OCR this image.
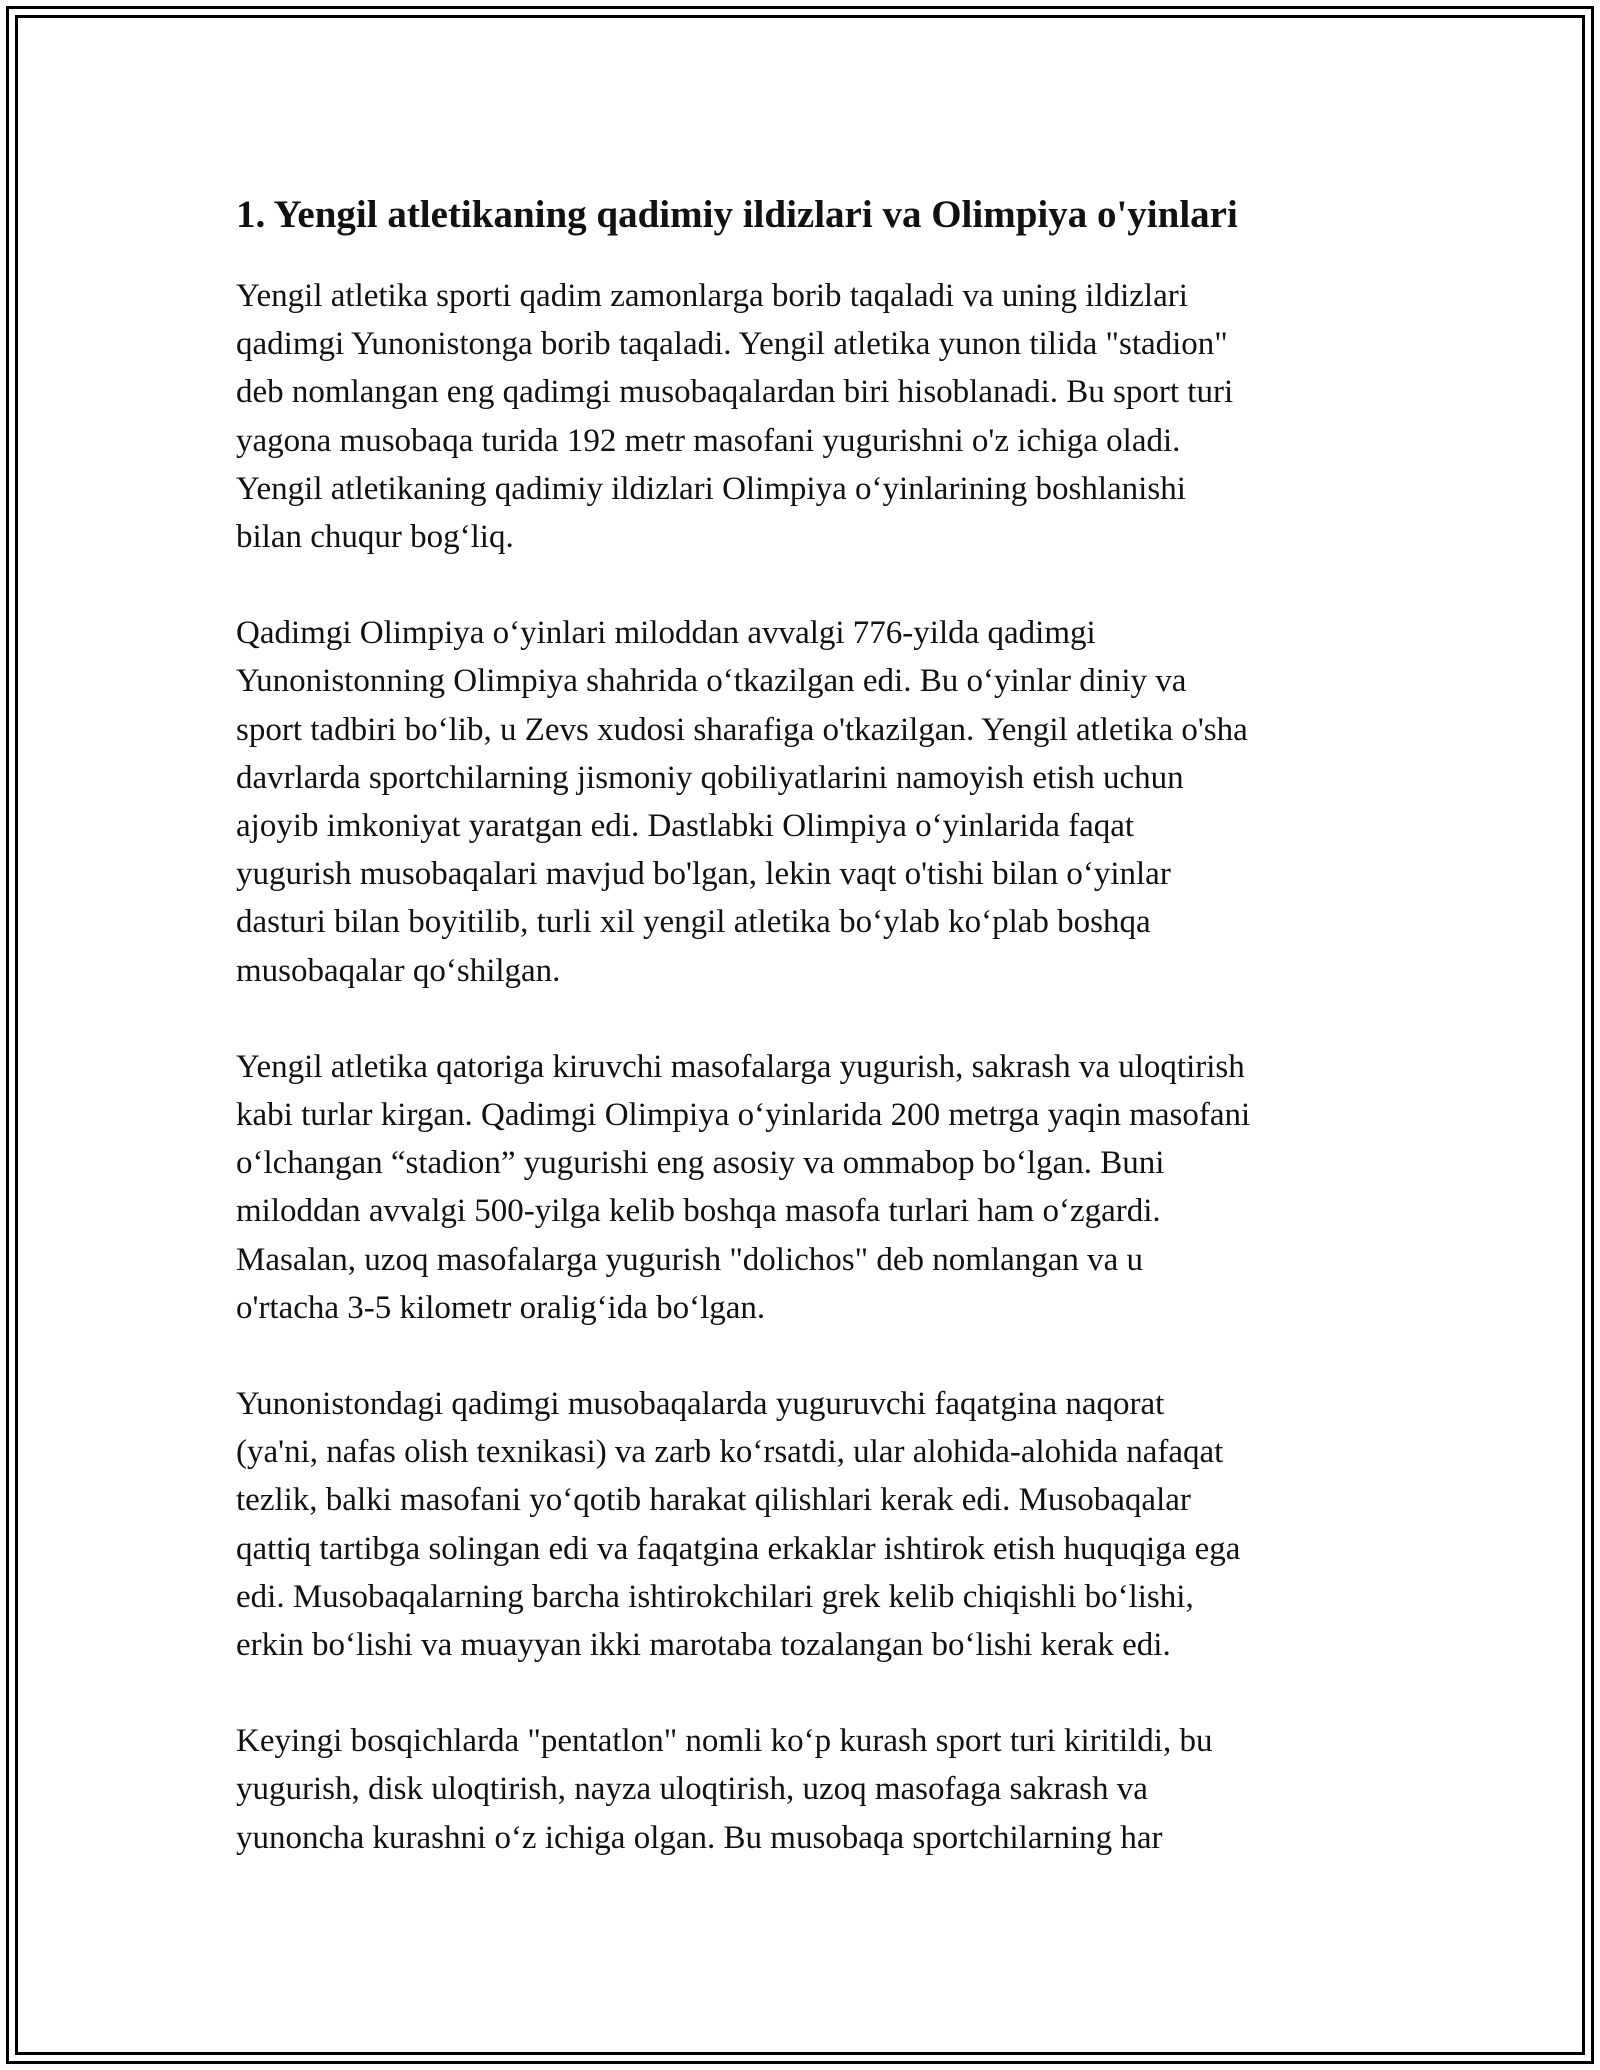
1. Yengil atletikaning qadimiy ildizlari va Olimpiya o'yinlari
Yengil atletika sporti qadim zamonlarga borib taqaladi va uning ildizlari
qadimgi Yunonistonga borib taqaladi. Yengil atletika yunon tilida "stadion"
deb nomlangan eng qadimgi musobaqalardan biri hisoblanadi. Bu sport turi
yagona musobaqa turida 192 metr masofani yugurishni o'z ichiga oladi.
Yengil atletikaning qadimiy ildizlari Olimpiya o‘yinlarining boshlanishi
bilan chuqur bog‘liq.
Qadimgi Olimpiya o‘yinlari miloddan avvalgi 776-yilda qadimgi
Yunonistonning Olimpiya shahrida o‘tkazilgan edi. Bu o‘yinlar diniy va
sport tadbiri bo‘lib, u Zevs xudosi sharafiga o'tkazilgan. Yengil atletika o'sha
davrlarda sportchilarning jismoniy qobiliyatlarini namoyish etish uchun
ajoyib imkoniyat yaratgan edi. Dastlabki Olimpiya o‘yinlarida faqat
yugurish musobaqalari mavjud bo'lgan, lekin vaqt o'tishi bilan o‘yinlar
dasturi bilan boyitilib, turli xil yengil atletika bo‘ylab ko‘plab boshqa
musobaqalar qo‘shilgan.
Yengil atletika qatoriga kiruvchi masofalarga yugurish, sakrash va uloqtirish
kabi turlar kirgan. Qadimgi Olimpiya o‘yinlarida 200 metrga yaqin masofani
o‘lchangan “stadion” yugurishi eng asosiy va ommabop bo‘lgan. Buni
miloddan avvalgi 500-yilga kelib boshqa masofa turlari ham o‘zgardi.
Masalan, uzoq masofalarga yugurish "dolichos" deb nomlangan va u
o'rtacha 3-5 kilometr oralig‘ida bo‘lgan.
Yunonistondagi qadimgi musobaqalarda yuguruvchi faqatgina naqorat
(ya'ni, nafas olish texnikasi) va zarb ko‘rsatdi, ular alohida-alohida nafaqat
tezlik, balki masofani yo‘qotib harakat qilishlari kerak edi. Musobaqalar
qattiq tartibga solingan edi va faqatgina erkaklar ishtirok etish huquqiga ega
edi. Musobaqalarning barcha ishtirokchilari grek kelib chiqishli bo‘lishi,
erkin bo‘lishi va muayyan ikki marotaba tozalangan bo‘lishi kerak edi.
Keyingi bosqichlarda "pentatlon" nomli ko‘p kurash sport turi kiritildi, bu
yugurish, disk uloqtirish, nayza uloqtirish, uzoq masofaga sakrash va
yunoncha kurashni o‘z ichiga olgan. Bu musobaqa sportchilarning har
